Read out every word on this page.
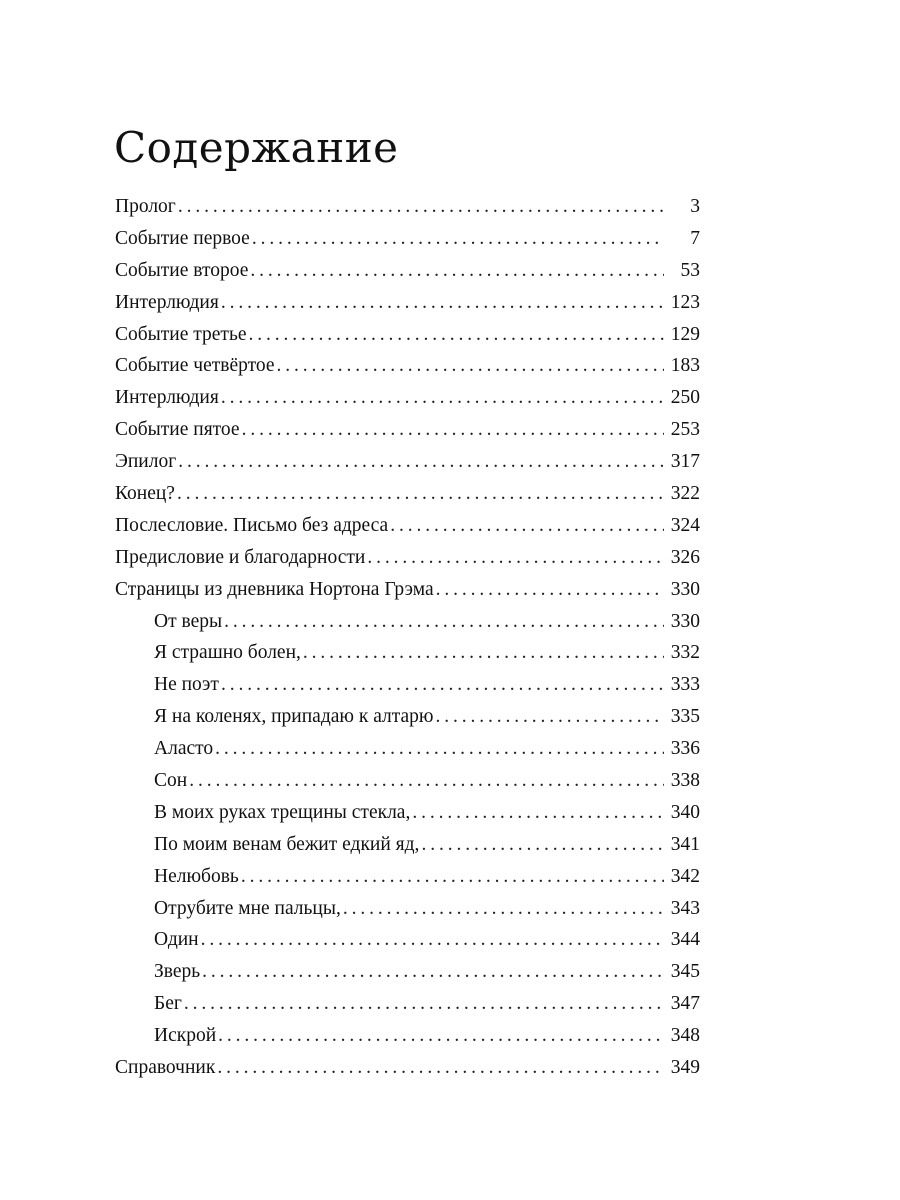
Содержание
Пролог . . .	3
Событие первое . . .	7
Событие второе . . .	53
Интерлюдия . . .	123
Событие третье . . .	129
Событие четвёртое . . .	183
Интерлюдия . . .	250
Событие пятое . . .	253
Эпилог . . .	317
Конец? . . .	322
Послесловие. Письмо без адреса . . .	324
Предисловие и благодарности . . .	326
Страницы из дневника Нортона Грэма . . .	330
От веры . . .	330
Я страшно болен, . . .	332
Не поэт . . .	333
Я на коленях, припадаю к алтарю . . .	335
Аласто . . .	336
Сон . . .	338
В моих руках трещины стекла, . . .	340
По моим венам бежит едкий яд, . . .	341
Нелюбовь . . .	342
Отрубите мне пальцы, . . .	343
Один . . .	344
Зверь . . .	345
Бег . . .	347
Искрой . . .	348
Справочник . . .	349
